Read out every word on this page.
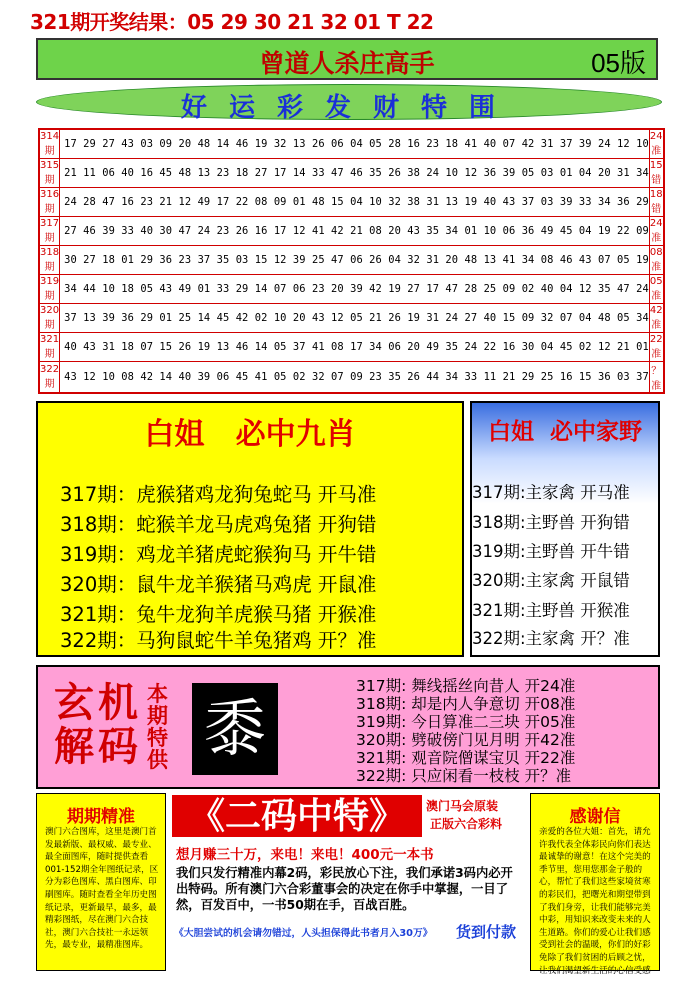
321期开奖结果：05 29 30 21 32 01 T 22
曾道人杀庄高手	05版
好运彩发财特围
314期	17 29 27 43 03 09 20 48 14 46 19 32 13 26 06 04 05 28 16 23 18 41 40 07 42 31 37 39 24 12 10	24准
315期	21 11 06 40 16 45 48 13 23 18 27 17 14 33 47 46 35 26 38 24 10 12 36 39 05 03 01 04 20 31 34	15错
316期	24 28 47 16 23 21 12 49 17 22 08 09 01 48 15 04 10 32 38 31 13 19 40 43 37 03 39 33 34 36 29	18错
317期	27 46 39 33 40 30 47 24 23 26 16 17 12 41 42 21 08 20 43 35 34 01 10 06 36 49 45 04 19 22 09	24准
318期	30 27 18 01 29 36 23 37 35 03 15 12 39 25 47 06 26 04 32 31 20 48 13 41 34 08 46 43 07 05 19	08准
319期	34 44 10 18 05 43 49 01 33 29 14 07 06 23 20 39 42 19 27 17 47 28 25 09 02 40 04 12 35 47 24	05准
320期	37 13 39 36 29 01 25 14 45 42 02 10 20 43 12 05 21 26 19 31 24 27 40 15 09 32 07 04 48 05 34	42准
321期	40 43 31 18 07 15 26 19 13 46 14 05 37 41 08 17 34 06 20 49 35 24 22 16 30 04 45 02 12 21 01	22准
322期	43 12 10 08 42 14 40 39 06 45 41 05 02 32 07 09 23 35 26 44 34 33 11 21 29 25 16 15 36 03 37	？准
白姐   必中九肖
317期：虎猴猪鸡龙狗兔蛇马 开马准
318期：蛇猴羊龙马虎鸡兔猪 开狗错
319期：鸡龙羊猪虎蛇猴狗马 开牛错
320期：鼠牛龙羊猴猪马鸡虎 开鼠准
321期：兔牛龙狗羊虎猴马猪 开猴准
322期：马狗鼠蛇牛羊兔猪鸡 开？准
白姐  必中家野
317期:主家禽 开马准
318期:主野兽 开狗错
319期:主野兽 开牛错
320期:主家禽 开鼠错
321期:主野兽 开猴准
322期:主家禽 开？准
玄机解码
本期特供 黍
317期: 舞线摇丝向昔人 开24准
318期: 却是内人争意切 开08准
319期: 今日算准二三块 开05准
320期: 劈破傍门见月明 开42准
321期: 观音院僧谋宝贝 开22准
322期: 只应闲看一枝枝 开？准
期期精准
澳门六合图库，这里是澳门首发最新版、最权威、最专业、最全面图库，随时提供查看001-152期全年图纸记录，区分为彩色图库、黑白图库、印刷图库。随时查看全年历史图纸记录，更新最早，最多，最精彩图纸，尽在澳门六合技社，澳门六合技社一永远领先，最专业，最精准图库。
《二码中特》	澳门马会原装
正版六合彩料
想月赚三十万，来电！来电！400元一本书
我们只发行精准内幕2码，彩民放心下注，我们承诺3码内必开出特码。所有澳门六合彩董事会的决定在你手中掌握，一目了然，百发百中，一书50期在手，百战百胜。
《大胆尝试的机会请勿错过，人头担保得此书者月入30万》 货到付款
感谢信
亲爱的各位大姐：首先，请允许我代表全体彩民向你们表达最诚挚的谢意！在这个完美的季节里，您用您那金子般的心，帮忙了我们这些家境贫寒的彩民们，把曙光和期望带到了我们身旁，让我们能够完美中彩，用知识来改变未来的人生道路。你们的爱心让我们感受到社会的温暖，你们的好彩免除了我们贫困的后顾之忧，让我们渴望新生活的心信受感
